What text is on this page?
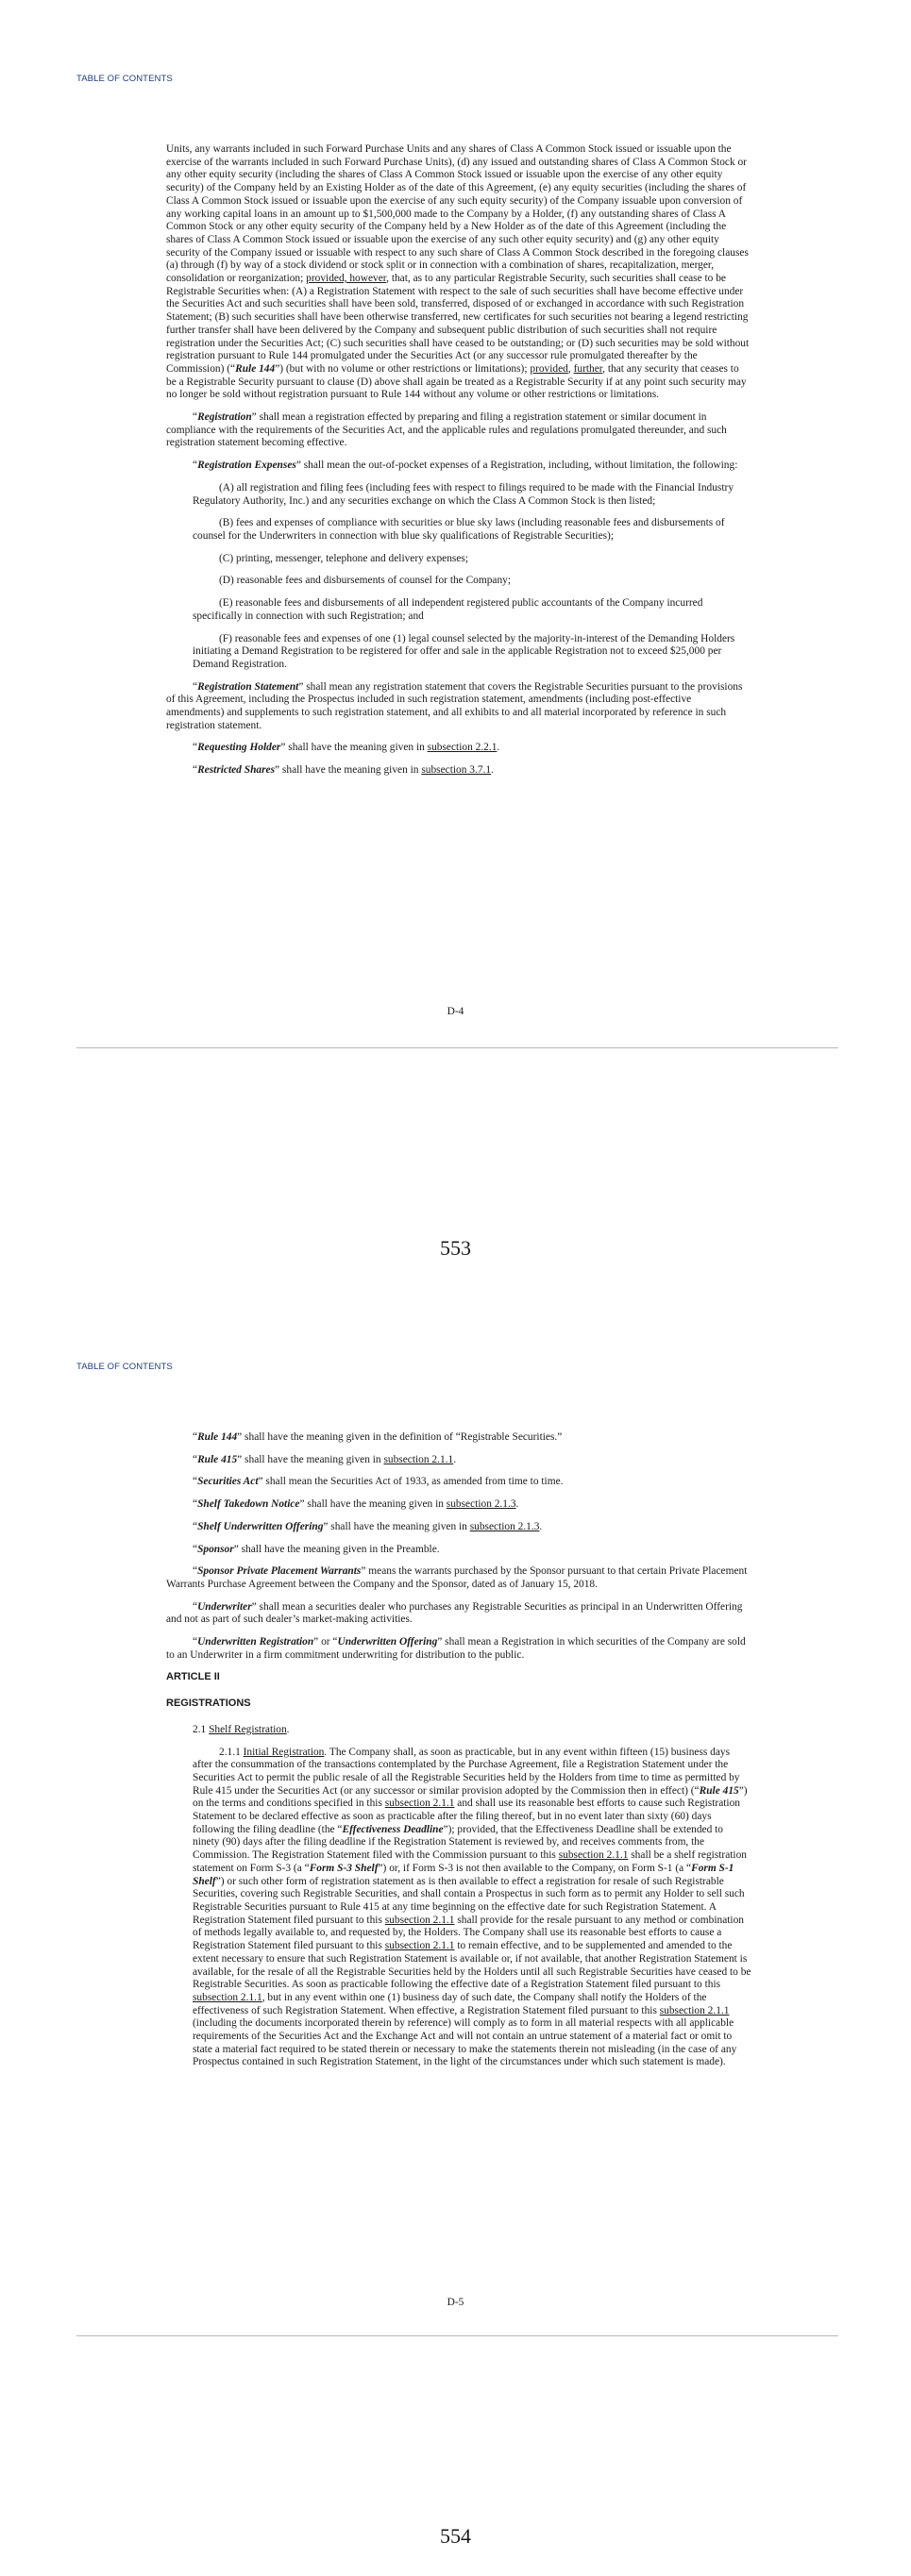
TABLE OF CONTENTS

Units, any warrants included in such Forward Purchase Units and any shares of Class A Common Stock issued or issuable upon the exercise of the warrants included in such Forward Purchase Units), (d) any issued and outstanding shares of Class A Common Stock or any other equity security (including the shares of Class A Common Stock issued or issuable upon the exercise of any other equity security) of the Company held by an Existing Holder as of the date of this Agreement, (e) any equity securities (including the shares of Class A Common Stock issued or issuable upon the exercise of any such equity security) of the Company issuable upon conversion of any working capital loans in an amount up to $1,500,000 made to the Company by a Holder, (f) any outstanding shares of Class A Common Stock or any other equity security of the Company held by a New Holder as of the date of this Agreement (including the shares of Class A Common Stock issued or issuable upon the exercise of any such other equity security) and (g) any other equity security of the Company issued or issuable with respect to any such share of Class A Common Stock described in the foregoing clauses (a) through (f) by way of a stock dividend or stock split or in connection with a combination of shares, recapitalization, merger, consolidation or reorganization; provided, however, that, as to any particular Registrable Security, such securities shall cease to be Registrable Securities when: (A) a Registration Statement with respect to the sale of such securities shall have become effective under the Securities Act and such securities shall have been sold, transferred, disposed of or exchanged in accordance with such Registration Statement; (B) such securities shall have been otherwise transferred, new certificates for such securities not bearing a legend restricting further transfer shall have been delivered by the Company and subsequent public distribution of such securities shall not require registration under the Securities Act; (C) such securities shall have ceased to be outstanding; or (D) such securities may be sold without registration pursuant to Rule 144 promulgated under the Securities Act (or any successor rule promulgated thereafter by the Commission) (“Rule 144”) (but with no volume or other restrictions or limitations); provided, further, that any security that ceases to be a Registrable Security pursuant to clause (D) above shall again be treated as a Registrable Security if at any point such security may no longer be sold without registration pursuant to Rule 144 without any volume or other restrictions or limitations.

“Registration” shall mean a registration effected by preparing and filing a registration statement or similar document in compliance with the requirements of the Securities Act, and the applicable rules and regulations promulgated thereunder, and such registration statement becoming effective.

“Registration Expenses” shall mean the out-of-pocket expenses of a Registration, including, without limitation, the following:

(A) all registration and filing fees (including fees with respect to filings required to be made with the Financial Industry Regulatory Authority, Inc.) and any securities exchange on which the Class A Common Stock is then listed;

(B) fees and expenses of compliance with securities or blue sky laws (including reasonable fees and disbursements of counsel for the Underwriters in connection with blue sky qualifications of Registrable Securities);

(C) printing, messenger, telephone and delivery expenses;

(D) reasonable fees and disbursements of counsel for the Company;

(E) reasonable fees and disbursements of all independent registered public accountants of the Company incurred specifically in connection with such Registration; and

(F) reasonable fees and expenses of one (1) legal counsel selected by the majority-in-interest of the Demanding Holders initiating a Demand Registration to be registered for offer and sale in the applicable Registration not to exceed $25,000 per Demand Registration.

“Registration Statement” shall mean any registration statement that covers the Registrable Securities pursuant to the provisions of this Agreement, including the Prospectus included in such registration statement, amendments (including post-effective amendments) and supplements to such registration statement, and all exhibits to and all material incorporated by reference in such registration statement.

“Requesting Holder” shall have the meaning given in subsection 2.2.1.

“Restricted Shares” shall have the meaning given in subsection 3.7.1.

D-4
553
TABLE OF CONTENTS

“Rule 144” shall have the meaning given in the definition of “Registrable Securities.”

“Rule 415” shall have the meaning given in subsection 2.1.1.

“Securities Act” shall mean the Securities Act of 1933, as amended from time to time.

“Shelf Takedown Notice” shall have the meaning given in subsection 2.1.3.

“Shelf Underwritten Offering” shall have the meaning given in subsection 2.1.3.

“Sponsor” shall have the meaning given in the Preamble.

“Sponsor Private Placement Warrants” means the warrants purchased by the Sponsor pursuant to that certain Private Placement Warrants Purchase Agreement between the Company and the Sponsor, dated as of January 15, 2018.

“Underwriter” shall mean a securities dealer who purchases any Registrable Securities as principal in an Underwritten Offering and not as part of such dealer’s market-making activities.

“Underwritten Registration” or “Underwritten Offering” shall mean a Registration in which securities of the Company are sold to an Underwriter in a firm commitment underwriting for distribution to the public.

ARTICLE II

REGISTRATIONS

2.1 Shelf Registration.

2.1.1 Initial Registration. The Company shall, as soon as practicable, but in any event within fifteen (15) business days after the consummation of the transactions contemplated by the Purchase Agreement, file a Registration Statement under the Securities Act to permit the public resale of all the Registrable Securities held by the Holders from time to time as permitted by Rule 415 under the Securities Act (or any successor or similar provision adopted by the Commission then in effect) (“Rule 415”) on the terms and conditions specified in this subsection 2.1.1 and shall use its reasonable best efforts to cause such Registration Statement to be declared effective as soon as practicable after the filing thereof, but in no event later than sixty (60) days following the filing deadline (the “Effectiveness Deadline”); provided, that the Effectiveness Deadline shall be extended to ninety (90) days after the filing deadline if the Registration Statement is reviewed by, and receives comments from, the Commission. The Registration Statement filed with the Commission pursuant to this subsection 2.1.1 shall be a shelf registration statement on Form S-3 (a “Form S-3 Shelf”) or, if Form S-3 is not then available to the Company, on Form S-1 (a “Form S-1 Shelf”) or such other form of registration statement as is then available to effect a registration for resale of such Registrable Securities, covering such Registrable Securities, and shall contain a Prospectus in such form as to permit any Holder to sell such Registrable Securities pursuant to Rule 415 at any time beginning on the effective date for such Registration Statement. A Registration Statement filed pursuant to this subsection 2.1.1 shall provide for the resale pursuant to any method or combination of methods legally available to, and requested by, the Holders. The Company shall use its reasonable best efforts to cause a Registration Statement filed pursuant to this subsection 2.1.1 to remain effective, and to be supplemented and amended to the extent necessary to ensure that such Registration Statement is available or, if not available, that another Registration Statement is available, for the resale of all the Registrable Securities held by the Holders until all such Registrable Securities have ceased to be Registrable Securities. As soon as practicable following the effective date of a Registration Statement filed pursuant to this subsection 2.1.1, but in any event within one (1) business day of such date, the Company shall notify the Holders of the effectiveness of such Registration Statement. When effective, a Registration Statement filed pursuant to this subsection 2.1.1 (including the documents incorporated therein by reference) will comply as to form in all material respects with all applicable requirements of the Securities Act and the Exchange Act and will not contain an untrue statement of a material fact or omit to state a material fact required to be stated therein or necessary to make the statements therein not misleading (in the case of any Prospectus contained in such Registration Statement, in the light of the circumstances under which such statement is made).

D-5
554
